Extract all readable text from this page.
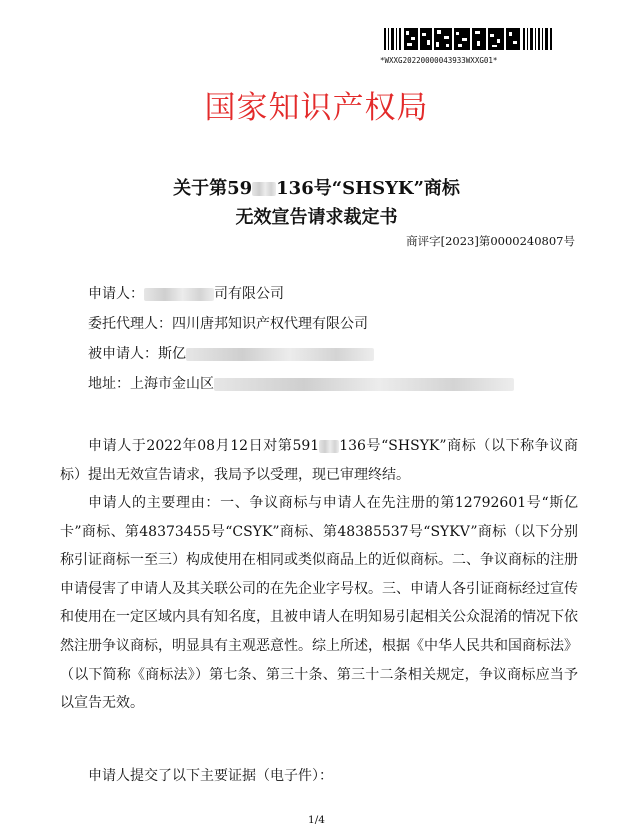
*WXXG20220000043933WXXG01*
国家知识产权局
关于第59 136号“SHSYK”商标
无效宣告请求裁定书
商评字[2023]第0000240807号
申请人：	司有限公司
委托代理人：四川唐邦知识产权代理有限公司
被申请人：斯亿
地址：上海市金山区

申请人于2022年08月12日对第591 136号“SHSYK”商标（以下称争议商标）提出无效宣告请求，我局予以受理，现已审理终结。

申请人的主要理由：一、争议商标与申请人在先注册的第12792601号“斯亿卡”商标、第48373455号“CSYK”商标、第48385537号“SYKV”商标（以下分别称引证商标一至三）构成使用在相同或类似商品上的近似商标。二、争议商标的注册申请侵害了申请人及其关联公司的在先企业字号权。三、申请人各引证商标经过宣传和使用在一定区域内具有知名度，且被申请人在明知易引起相关公众混淆的情况下依然注册争议商标，明显具有主观恶意性。综上所述，根据《中华人民共和国商标法》（以下简称《商标法》）第七条、第三十条、第三十二条相关规定，争议商标应当予以宣告无效。

申请人提交了以下主要证据（电子件）：

1/4
